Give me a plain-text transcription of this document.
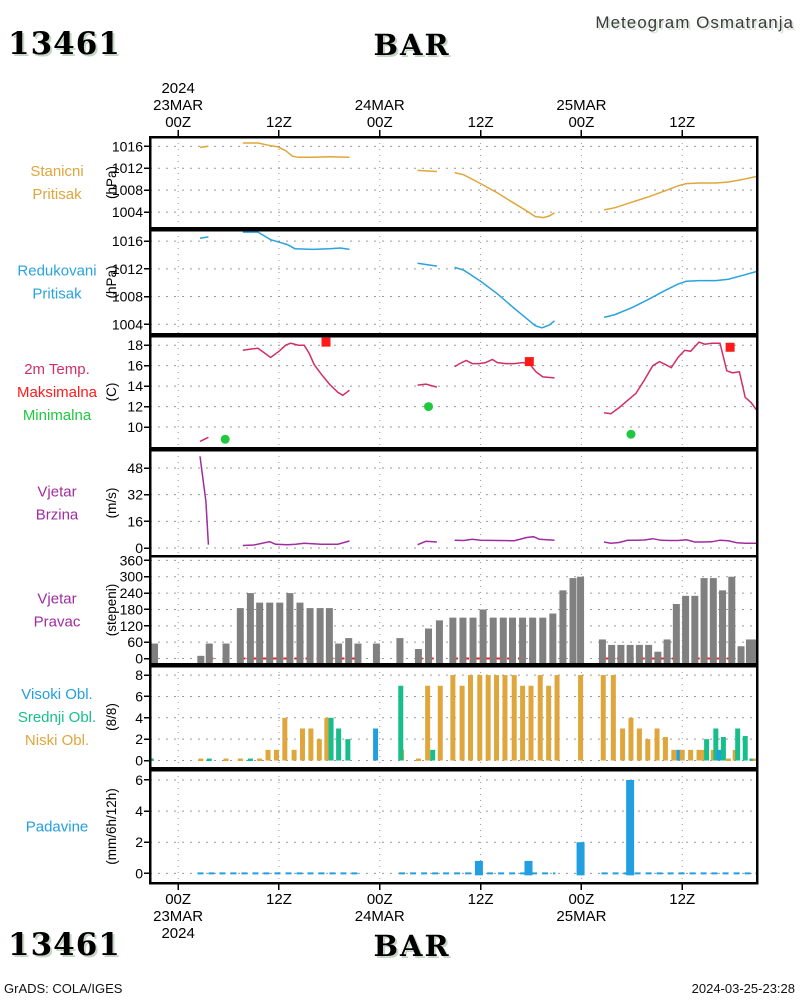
13461	BAR
Meteogram Osmatranja
1004
1008
1012
1016
Stanicni
Pritisak (hPa)
1004
1008
1012
1016
Redukovani
Pritisak (hPa)
10
12
14
16
18
2m Temp.
Maksimalna
Minimalna
(C)
0
16
32
48
Vjetar
Brzina (m/s)
0
60
120
180
240
300
360
Vjetar
Pravac (stepeni)
0
2
4
6
8
Visoki Obl.
Srednji Obl.
Niski Obl.
(8/8)
0
2
4
6
Padavine (mm/6h/12h)
00Z
00Z
12Z
12Z
00Z
00Z
12Z
12Z
00Z
00Z
12Z
12Z
23MAR
23MAR
24MAR
24MAR
25MAR
25MAR
2024
2024
13461	BAR
GrADS: COLA/IGES	2024-03-25-23:28
